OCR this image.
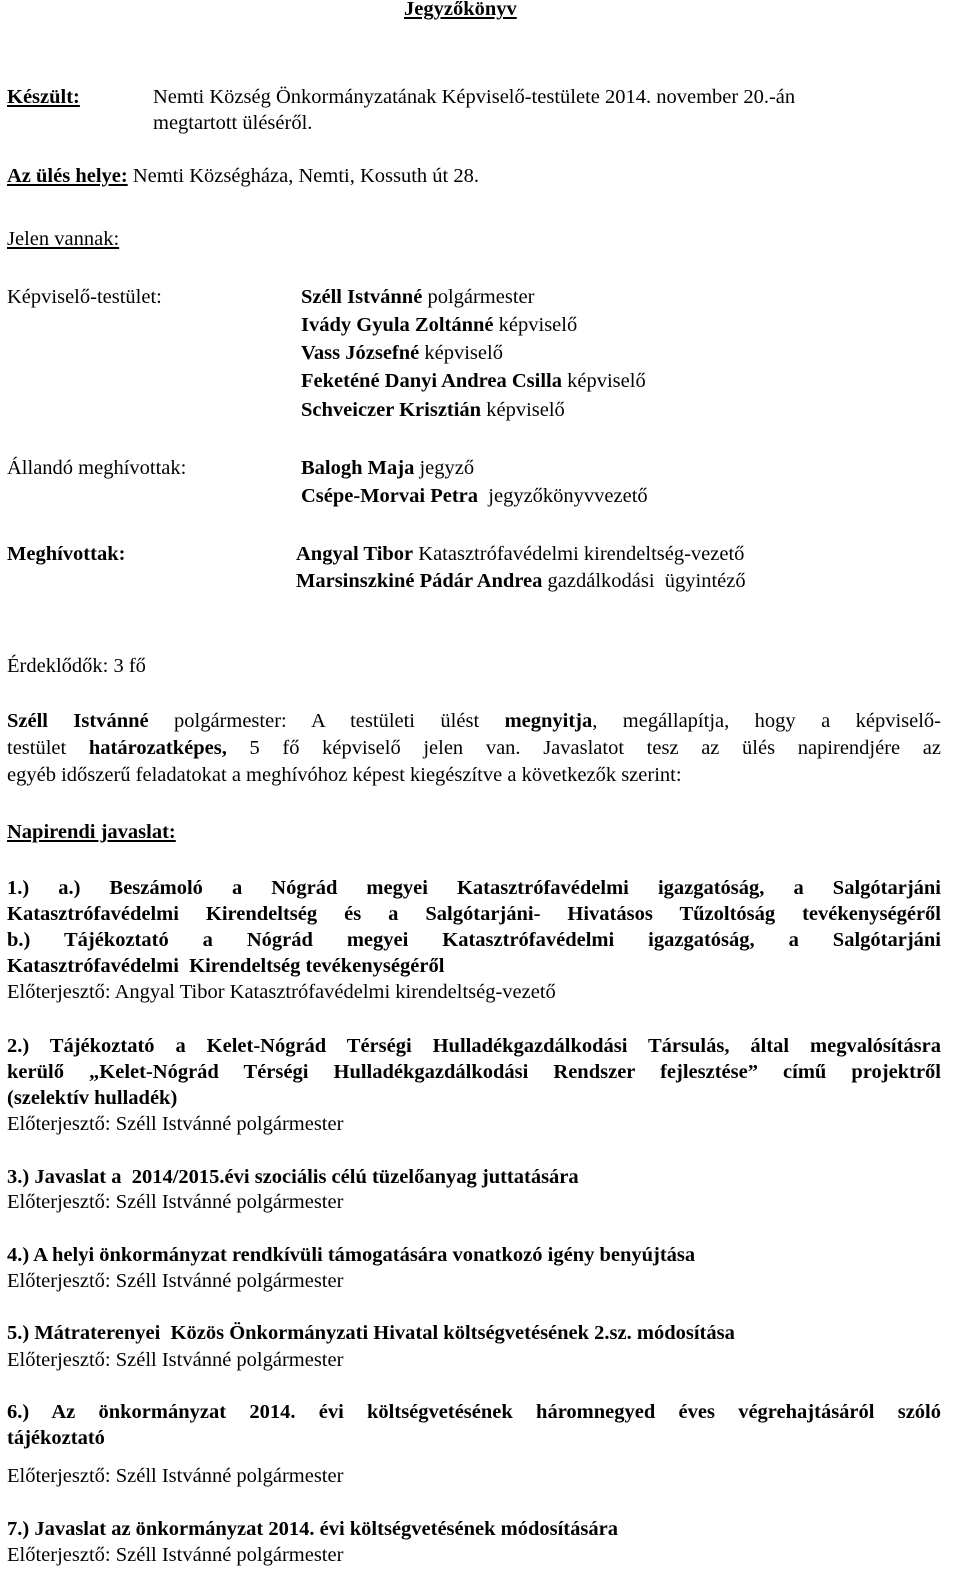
Jegyzőkönyv
Készült:	Nemti Község Önkormányzatának Képviselő-testülete 2014. november 20.-án
megtartott üléséről.
Az ülés helye: Nemti Községháza, Nemti, Kossuth út 28.
Jelen vannak:
Képviselő-testület:	Széll Istvánné polgármester
Ivády Gyula Zoltánné képviselő
Vass Józsefné képviselő
Feketéné Danyi Andrea Csilla képviselő
Schveiczer Krisztián képviselő
Állandó meghívottak:	Balogh Maja jegyző
Csépe-Morvai Petra  jegyzőkönyvvezető
Meghívottak:	Angyal Tibor Katasztrófavédelmi kirendeltség-vezető
Marsinszkiné Pádár Andrea gazdálkodási  ügyintéző
Érdeklődők: 3 fő
Széll Istvánné polgármester: A testületi ülést megnyitja, megállapítja, hogy a képviselő-
testület határozatképes, 5 fő képviselő jelen van. Javaslatot tesz az ülés napirendjére az
egyéb időszerű feladatokat a meghívóhoz képest kiegészítve a következők szerint:
Napirendi javaslat:
1.) a.) Beszámoló a Nógrád megyei Katasztrófavédelmi igazgatóság, a Salgótarjáni
Katasztrófavédelmi Kirendeltség és a Salgótarjáni- Hivatásos Tűzoltóság tevékenységéről
b.) Tájékoztató a Nógrád megyei Katasztrófavédelmi igazgatóság, a Salgótarjáni
Katasztrófavédelmi  Kirendeltség tevékenységéről
Előterjesztő: Angyal Tibor Katasztrófavédelmi kirendeltség-vezető
2.) Tájékoztató a Kelet-Nógrád Térségi Hulladékgazdálkodási Társulás, által megvalósításra
kerülő „Kelet-Nógrád Térségi Hulladékgazdálkodási Rendszer fejlesztése” című projektről
(szelektív hulladék)
Előterjesztő: Széll Istvánné polgármester
3.) Javaslat a  2014/2015.évi szociális célú tüzelőanyag juttatására
Előterjesztő: Széll Istvánné polgármester
4.) A helyi önkormányzat rendkívüli támogatására vonatkozó igény benyújtása
Előterjesztő: Széll Istvánné polgármester
5.) Mátraterenyei  Közös Önkormányzati Hivatal költségvetésének 2.sz. módosítása
Előterjesztő: Széll Istvánné polgármester
6.) Az önkormányzat 2014. évi költségvetésének háromnegyed éves végrehajtásáról szóló
tájékoztató
Előterjesztő: Széll Istvánné polgármester
7.) Javaslat az önkormányzat 2014. évi költségvetésének módosítására
Előterjesztő: Széll Istvánné polgármester
